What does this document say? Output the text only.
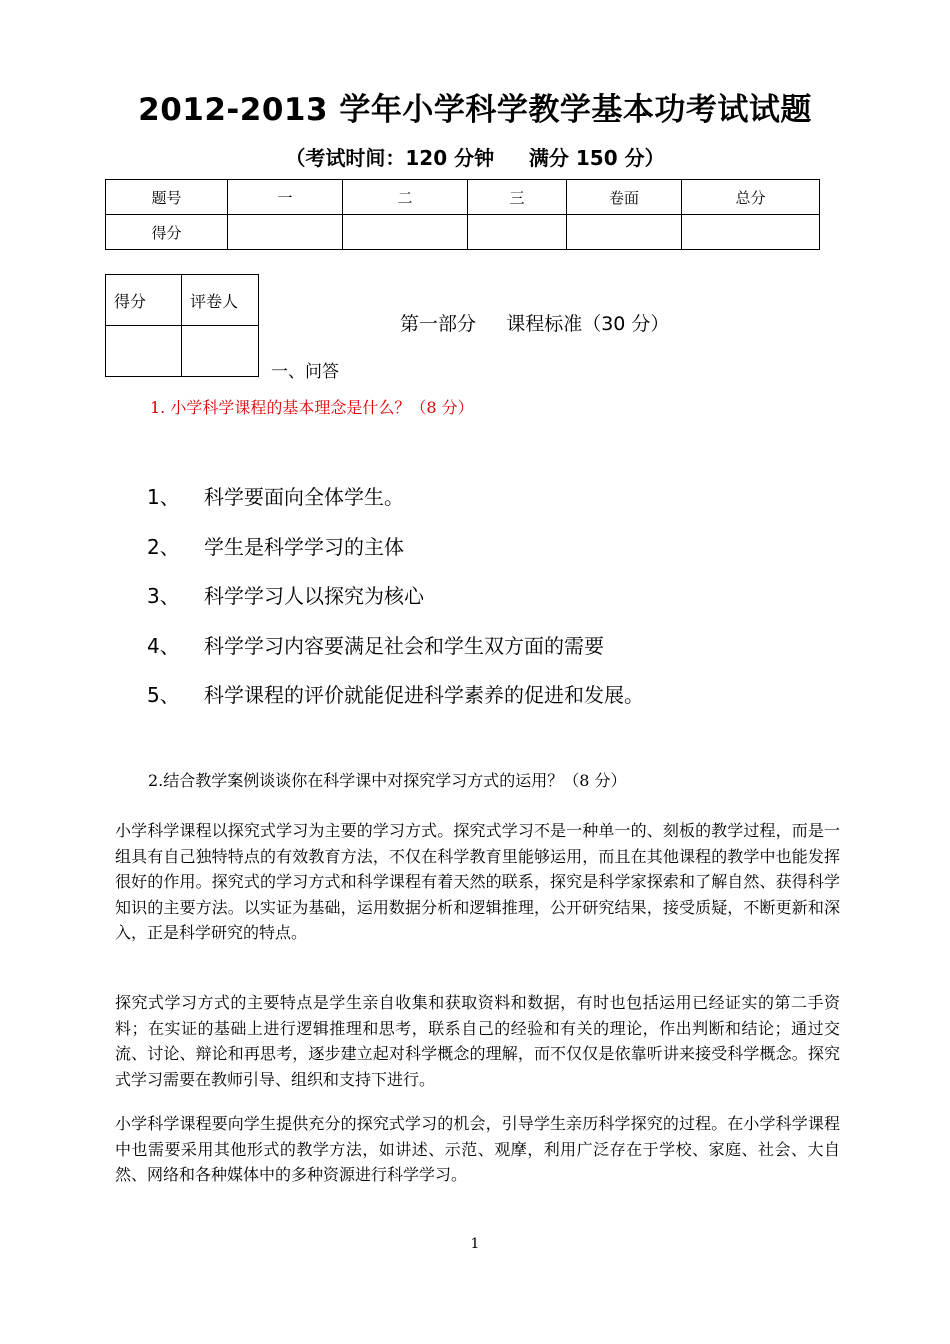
2012-2013 学年小学科学教学基本功考试试题
（考试时间：120 分钟     满分 150 分）
题号	一	二	三	卷面	总分
得分					
得分	评卷人

第一部分     课程标准（30 分）
一、问答
1. 小学科学课程的基本理念是什么？（8 分）
1、	科学要面向全体学生。
2、	学生是科学学习的主体
3、	科学学习人以探究为核心
4、	科学学习内容要满足社会和学生双方面的需要
5、	科学课程的评价就能促进科学素养的促进和发展。
2.结合教学案例谈谈你在科学课中对探究学习方式的运用？（8 分）
小学科学课程以探究式学习为主要的学习方式。探究式学习不是一种单一的、刻板的教学过程，而是一组具有自己独特特点的有效教育方法，不仅在科学教育里能够运用，而且在其他课程的教学中也能发挥很好的作用。探究式的学习方式和科学课程有着天然的联系，探究是科学家探索和了解自然、获得科学知识的主要方法。以实证为基础，运用数据分析和逻辑推理，公开研究结果，接受质疑，不断更新和深入，正是科学研究的特点。
探究式学习方式的主要特点是学生亲自收集和获取资料和数据，有时也包括运用已经证实的第二手资料；在实证的基础上进行逻辑推理和思考，联系自己的经验和有关的理论，作出判断和结论；通过交流、讨论、辩论和再思考，逐步建立起对科学概念的理解，而不仅仅是依靠听讲来接受科学概念。探究式学习需要在教师引导、组织和支持下进行。
小学科学课程要向学生提供充分的探究式学习的机会，引导学生亲历科学探究的过程。在小学科学课程中也需要采用其他形式的教学方法，如讲述、示范、观摩，利用广泛存在于学校、家庭、社会、大自然、网络和各种媒体中的多种资源进行科学学习。
1
